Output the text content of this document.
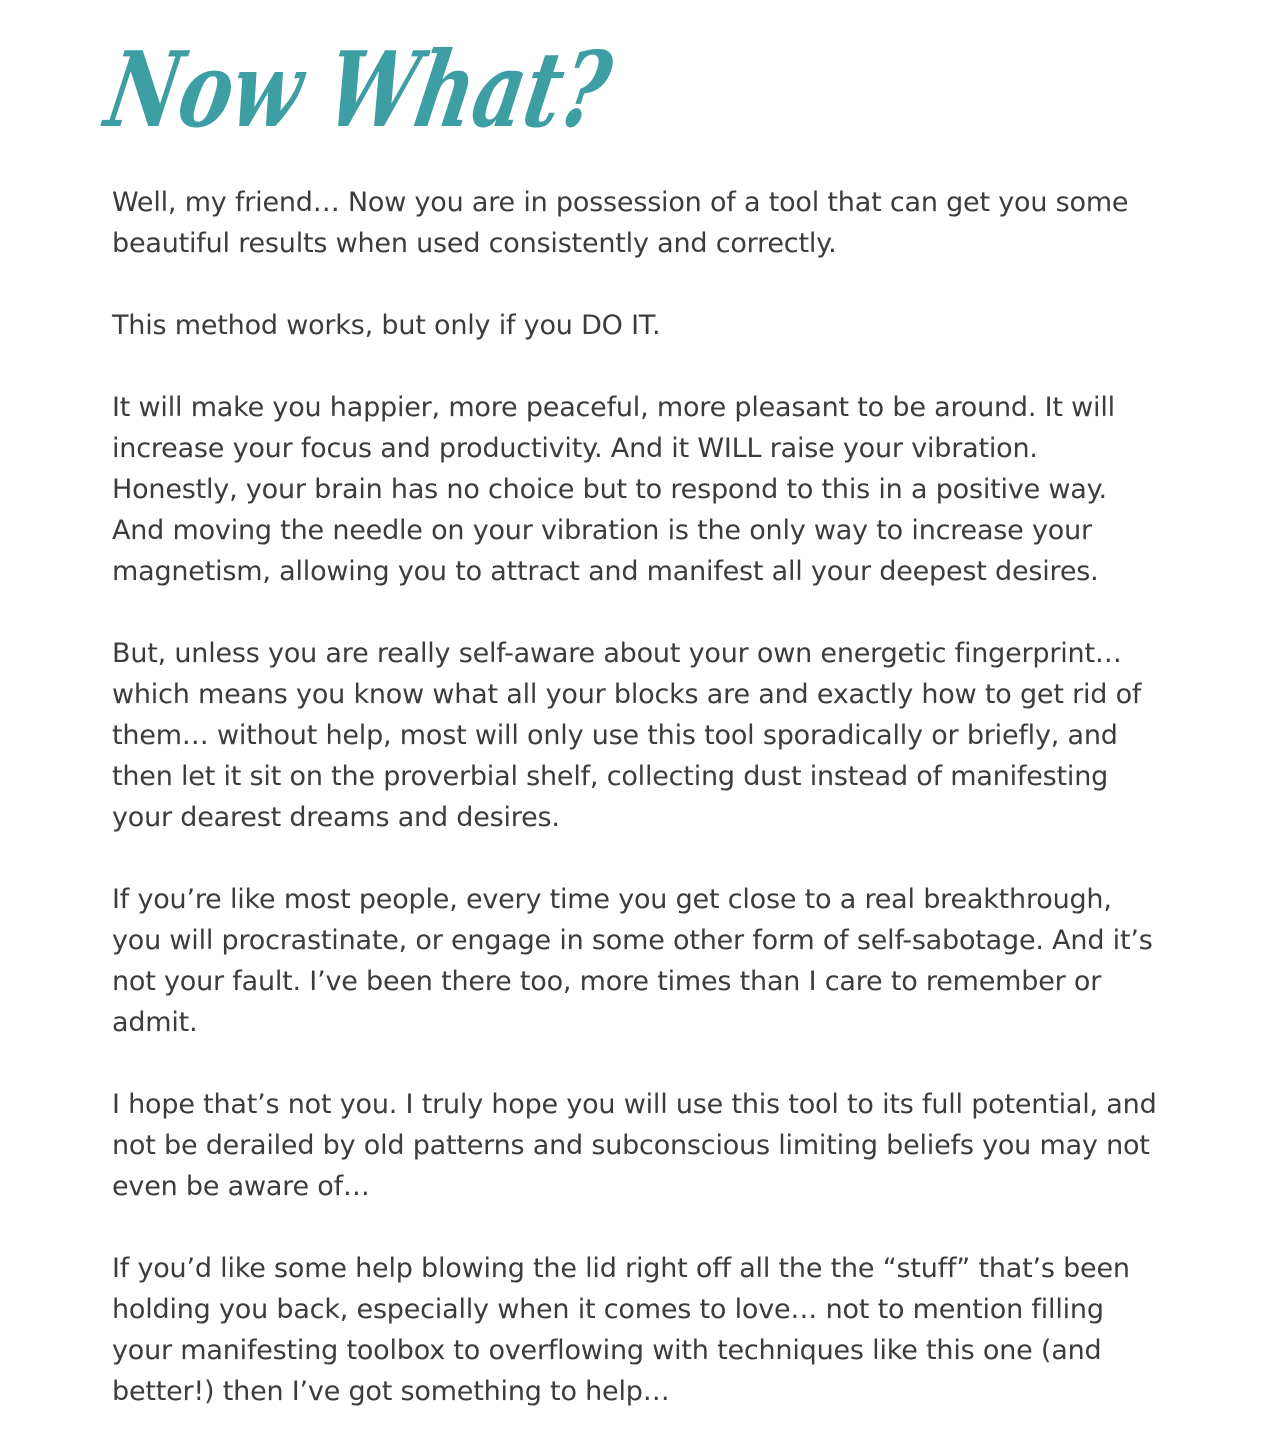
Now What?

Well, my friend… Now you are in possession of a tool that can get you some
beautiful results when used consistently and correctly.

This method works, but only if you DO IT.

It will make you happier, more peaceful, more pleasant to be around. It will
increase your focus and productivity. And it WILL raise your vibration.
Honestly, your brain has no choice but to respond to this in a positive way.
And moving the needle on your vibration is the only way to increase your
magnetism, allowing you to attract and manifest all your deepest desires.

But, unless you are really self-aware about your own energetic fingerprint…
which means you know what all your blocks are and exactly how to get rid of
them… without help, most will only use this tool sporadically or briefly, and
then let it sit on the proverbial shelf, collecting dust instead of manifesting
your dearest dreams and desires.

If you’re like most people, every time you get close to a real breakthrough,
you will procrastinate, or engage in some other form of self-sabotage. And it’s
not your fault. I’ve been there too, more times than I care to remember or
admit.

I hope that’s not you. I truly hope you will use this tool to its full potential, and
not be derailed by old patterns and subconscious limiting beliefs you may not
even be aware of…

If you’d like some help blowing the lid right off all the the “stuff” that’s been
holding you back, especially when it comes to love… not to mention filling
your manifesting toolbox to overflowing with techniques like this one (and
better!) then I’ve got something to help…
